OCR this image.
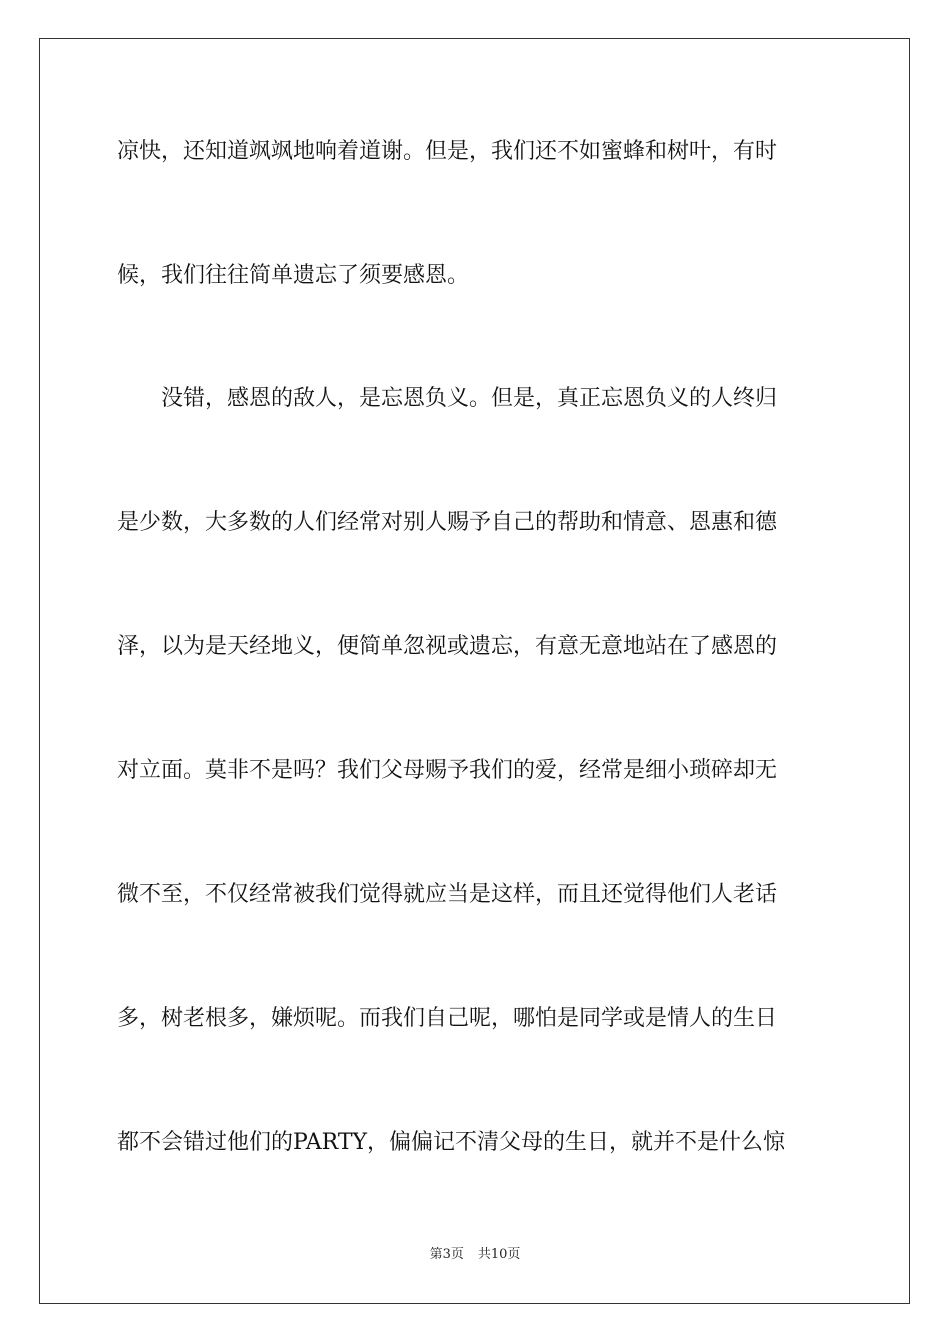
凉快，还知道飒飒地响着道谢。但是，我们还不如蜜蜂和树叶，有时
候，我们往往简单遗忘了须要感恩。
　　没错，感恩的敌人，是忘恩负义。但是，真正忘恩负义的人终归
是少数，大多数的人们经常对别人赐予自己的帮助和情意、恩惠和德
泽，以为是天经地义，便简单忽视或遗忘，有意无意地站在了感恩的
对立面。莫非不是吗？我们父母赐予我们的爱，经常是细小琐碎却无
微不至，不仅经常被我们觉得就应当是这样，而且还觉得他们人老话
多，树老根多，嫌烦呢。而我们自己呢，哪怕是同学或是情人的生日
都不会错过他们的PARTY，偏偏记不清父母的生日，就并不是什么惊
第3页 共10页
